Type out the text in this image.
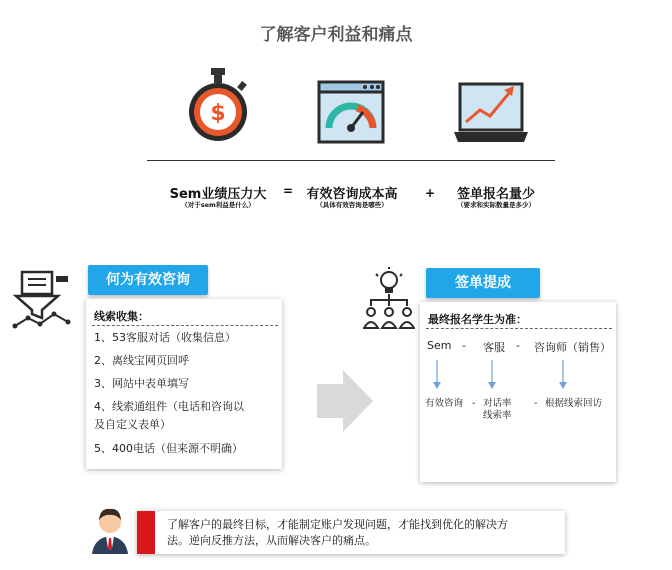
了解客户利益和痛点
$
Sem业绩压力大
（对于sem利益是什么）
=	有效咨询成本高
（具体有效咨询是哪些）
+	签单报名量少
（要求和实际数量是多少）
何为有效咨询
线索收集：
1、53客服对话（收集信息）
2、离线宝网页回呼
3、网站中表单填写
4、线索通组件（电话和咨询以
及自定义表单）
5、400电话（但来源不明确）
签单提成
最终报名学生为准：
Sem - 客服 - 咨询师（销售）
有效咨询 - 对话率
线索率
- 根据线索回访
了解客户的最终目标，才能制定账户发现问题，才能找到优化的解决方
法。逆向反推方法，从而解决客户的痛点。
